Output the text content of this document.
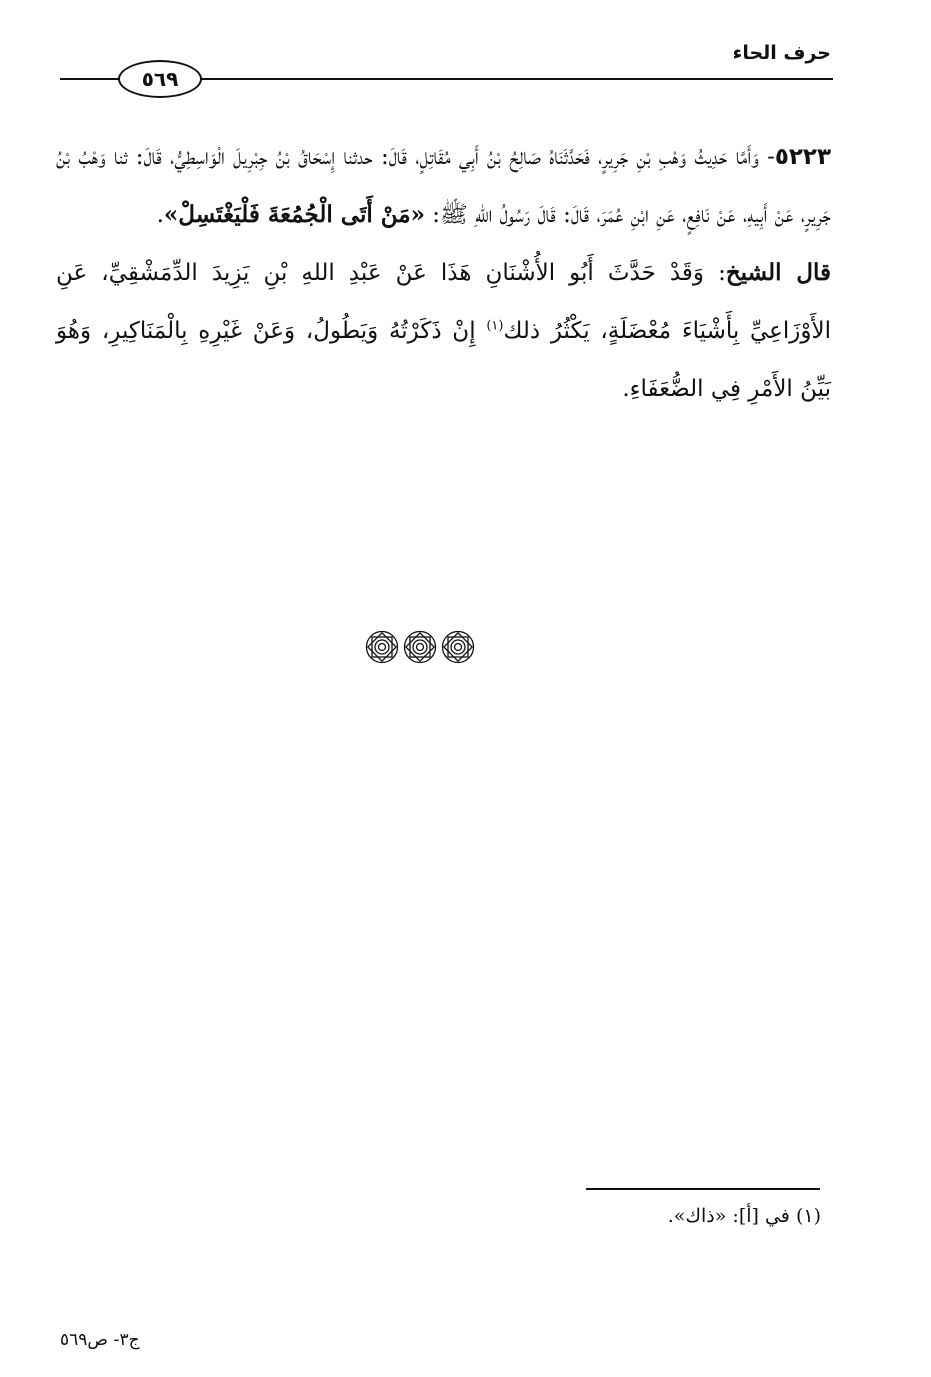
حرف الحاء
٥٦٩

٥٢٢٣- وَأَمَّا حَدِيثُ وَهْبِ بْنِ جَرِيرٍ، فَحَدَّثَنَاهُ صَالِحُ بْنُ أَبِي مُقَاتِلٍ، قَالَ: حدثنا إِسْحَاقُ بْنُ جِبْرِيلَ الْوَاسِطِيُّ، قَالَ: ثنا وَهْبُ بْنُ جَرِيرٍ، عَنْ أَبِيهِ، عَنْ نَافِعٍ، عَنِ ابْنِ عُمَرَ، قَالَ: قَالَ رَسُولُ اللهِ ﷺ: «مَنْ أَتَى الْجُمُعَةَ فَلْيَغْتَسِلْ».

قال الشيخ: وَقَدْ حَدَّثَ أَبُو الأُشْنَانِ هَذَا عَنْ عَبْدِ اللهِ بْنِ يَزِيدَ الدِّمَشْقِيِّ، عَنِ الأَوْزَاعِيِّ بِأَشْيَاءَ مُعْضَلَةٍ، يَكْثُرُ ذلك$^{(١)}$ إِنْ ذَكَرْتُهُ وَيَطُولُ، وَعَنْ غَيْرِهِ بِالْمَنَاكِيرِ، وَهُوَ بَيِّنُ الأَمْرِ فِي الضُّعَفَاءِ.

(١) في [أ]: «ذاك».
ج٣- ص٥٦٩
